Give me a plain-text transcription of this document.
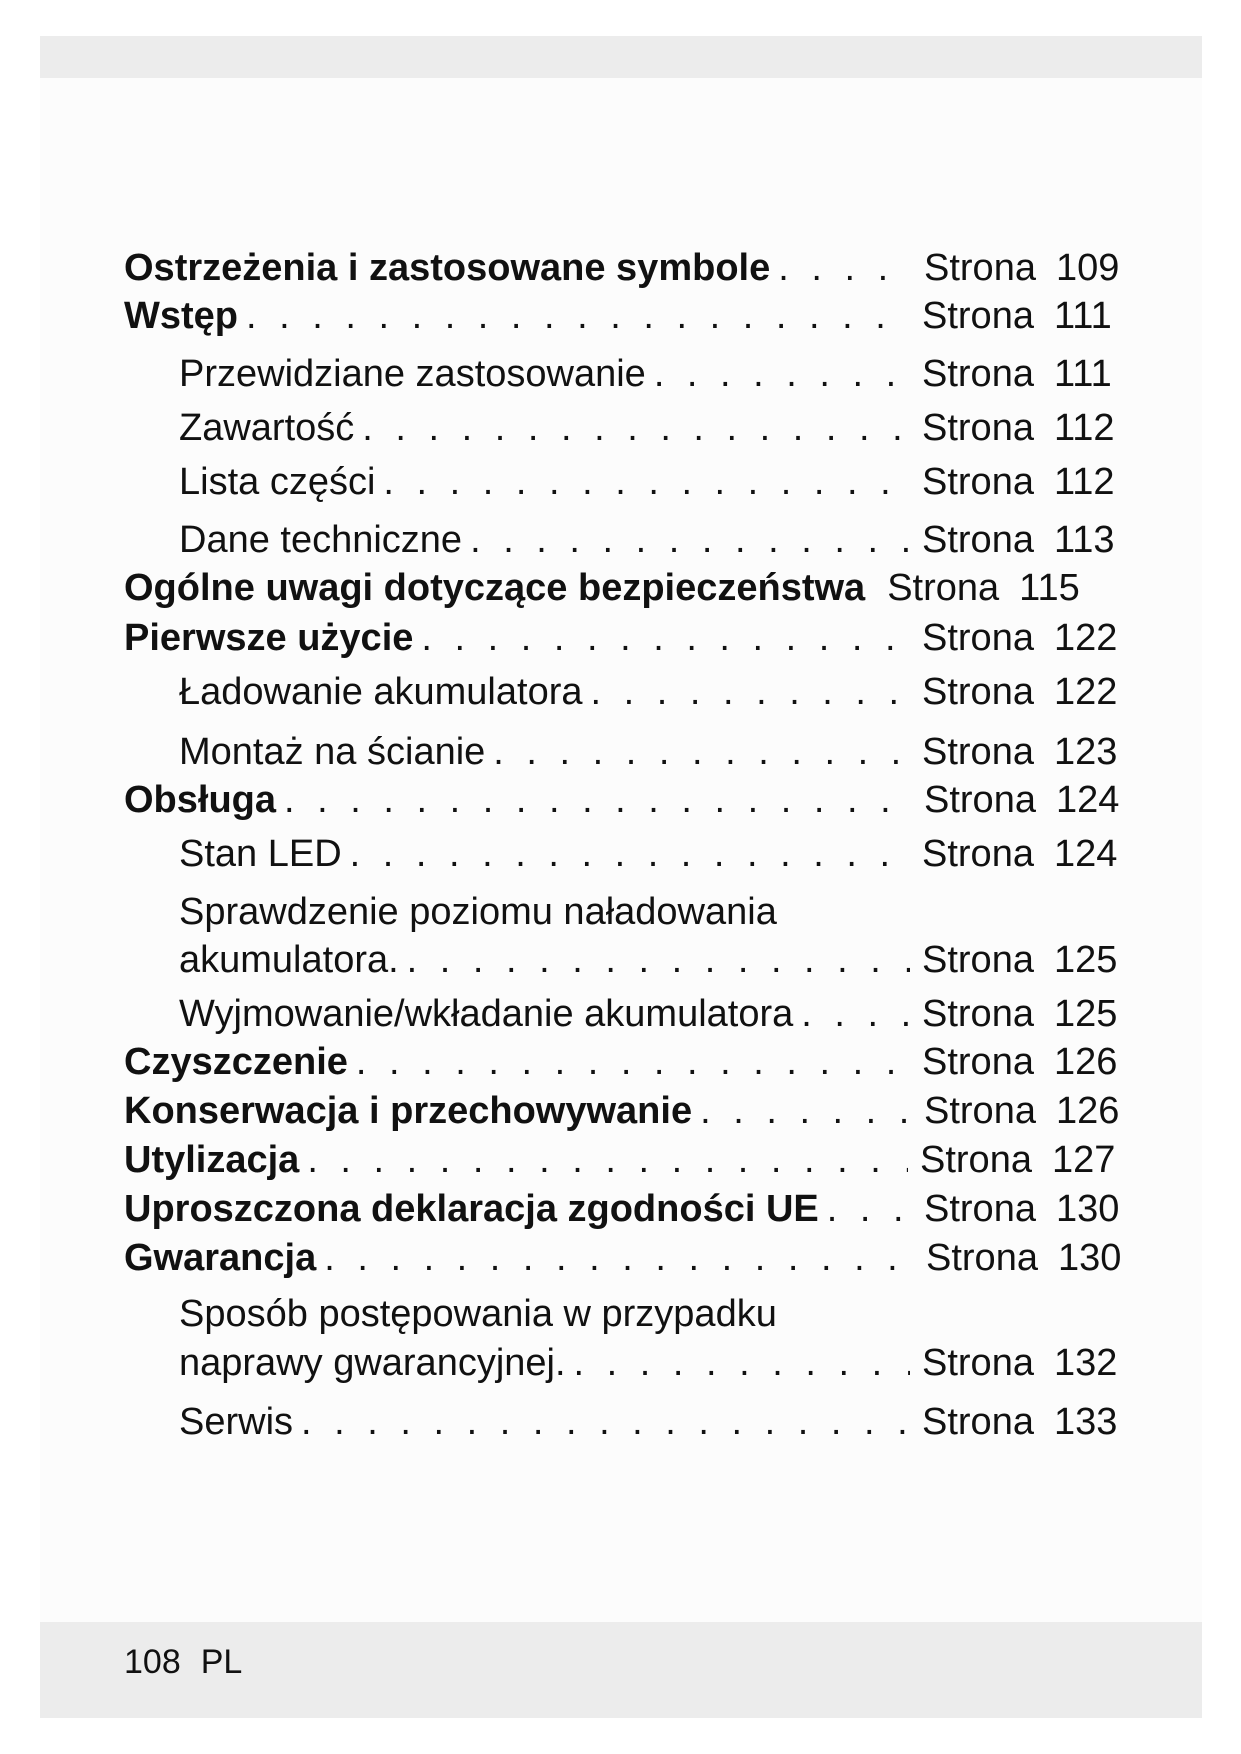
Ostrzeżenia i zastosowane symbole . . .	Strona 109
Wstęp . . .	Strona 111
Przewidziane zastosowanie . . .	Strona 111
Zawartość . . .	Strona 112
Lista części . . .	Strona 112
Dane techniczne . . .	Strona 113
Ogólne uwagi dotyczące bezpieczeństwa Strona 115
Pierwsze użycie . . .	Strona 122
Ładowanie akumulatora . . .	Strona 122
Montaż na ścianie . . .	Strona 123
Obsługa . . .	Strona 124
Stan LED . . .	Strona 124
Sprawdzenie poziomu naładowania
akumulatora. . . .	Strona 125
Wyjmowanie/wkładanie akumulatora . . .	Strona 125
Czyszczenie . . .	Strona 126
Konserwacja i przechowywanie . . .	Strona 126
Utylizacja . . .	Strona 127
Uproszczona deklaracja zgodności UE . . .	Strona 130
Gwarancja . . .	Strona 130
Sposób postępowania w przypadku
naprawy gwarancyjnej. . . .	Strona 132
Serwis . . .	Strona 133
108 PL
